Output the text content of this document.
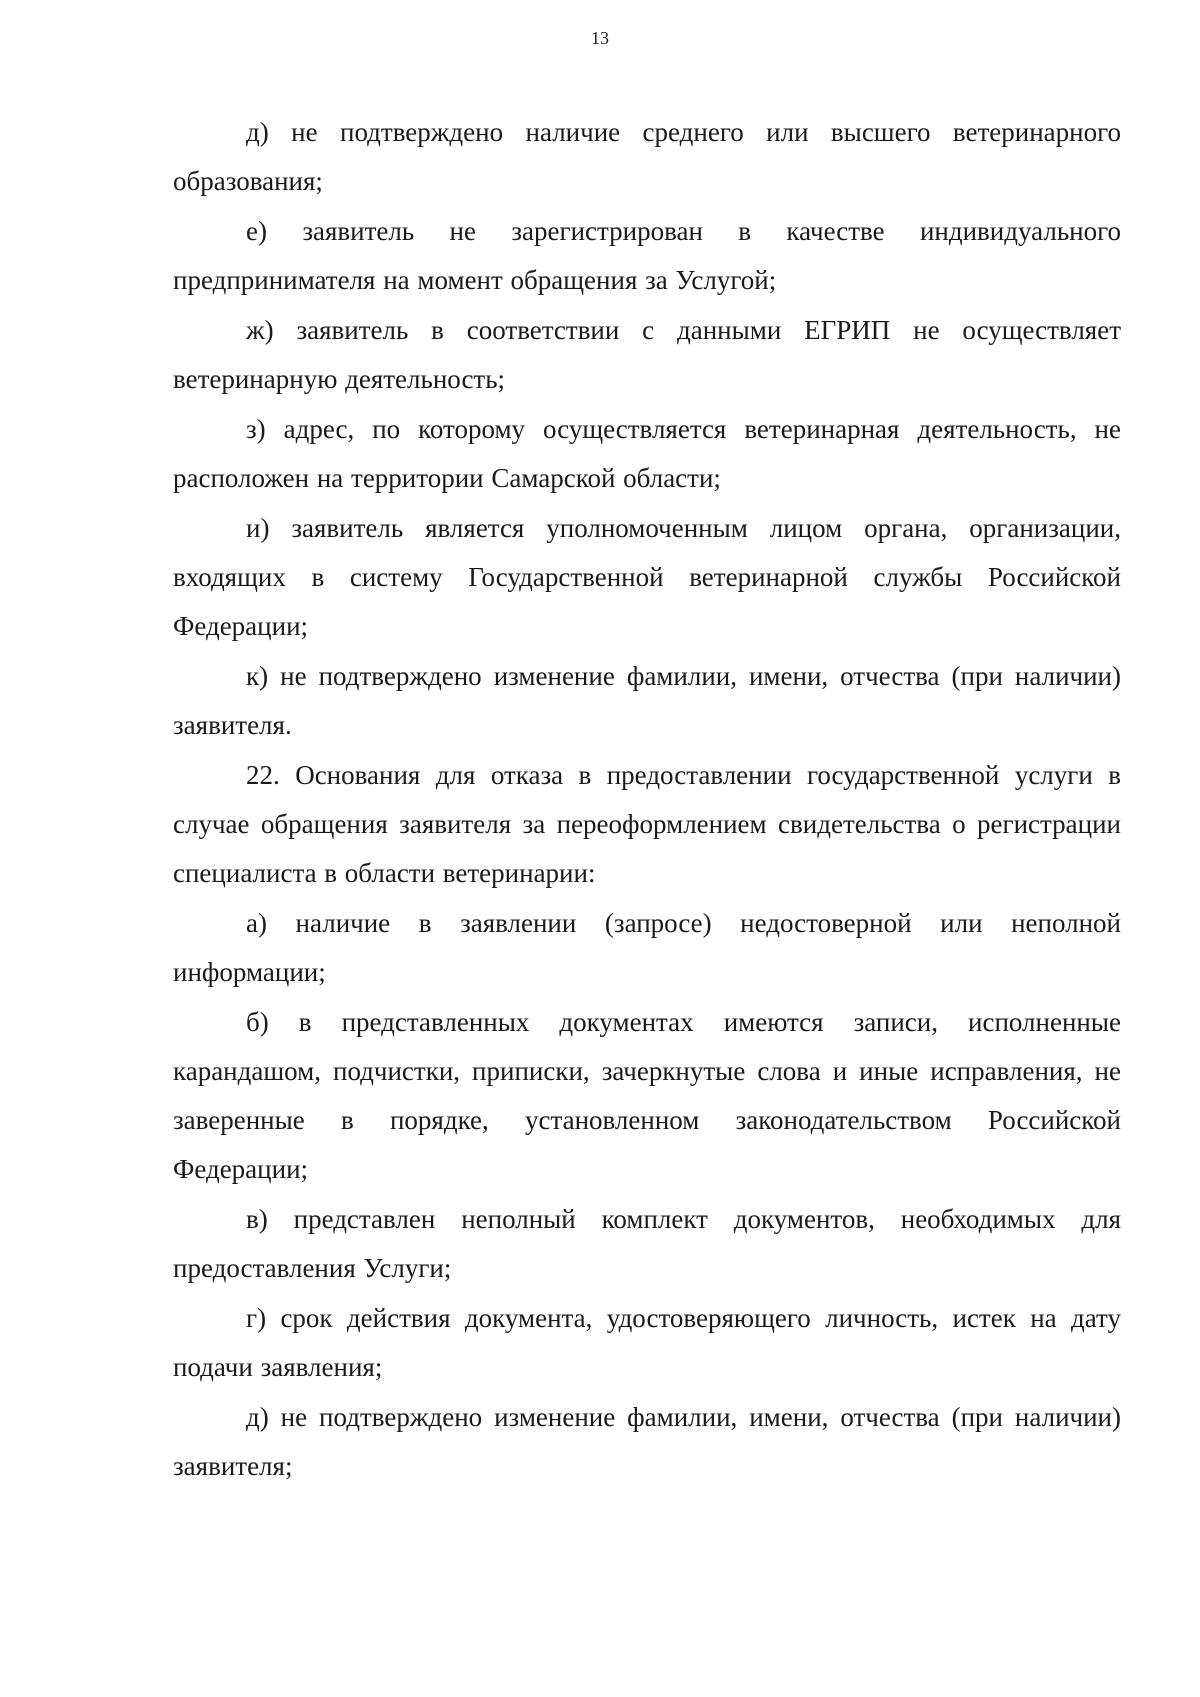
13

д) не подтверждено наличие среднего или высшего ветеринарного образования;

е) заявитель не зарегистрирован в качестве индивидуального предпринимателя на момент обращения за Услугой;

ж) заявитель в соответствии с данными ЕГРИП не осуществляет ветеринарную деятельность;

з) адрес, по которому осуществляется ветеринарная деятельность, не расположен на территории Самарской области;

и) заявитель является уполномоченным лицом органа, организации, входящих в систему Государственной ветеринарной службы Российской Федерации;

к) не подтверждено изменение фамилии, имени, отчества (при наличии) заявителя.

22. Основания для отказа в предоставлении государственной услуги в случае обращения заявителя за переоформлением свидетельства о регистрации специалиста в области ветеринарии:

а) наличие в заявлении (запросе) недостоверной или неполной информации;

б) в представленных документах имеются записи, исполненные карандашом, подчистки, приписки, зачеркнутые слова и иные исправления, не заверенные в порядке, установленном законодательством Российской Федерации;

в) представлен неполный комплект документов, необходимых для предоставления Услуги;

г) срок действия документа, удостоверяющего личность, истек на дату подачи заявления;

д) не подтверждено изменение фамилии, имени, отчества (при наличии) заявителя;
